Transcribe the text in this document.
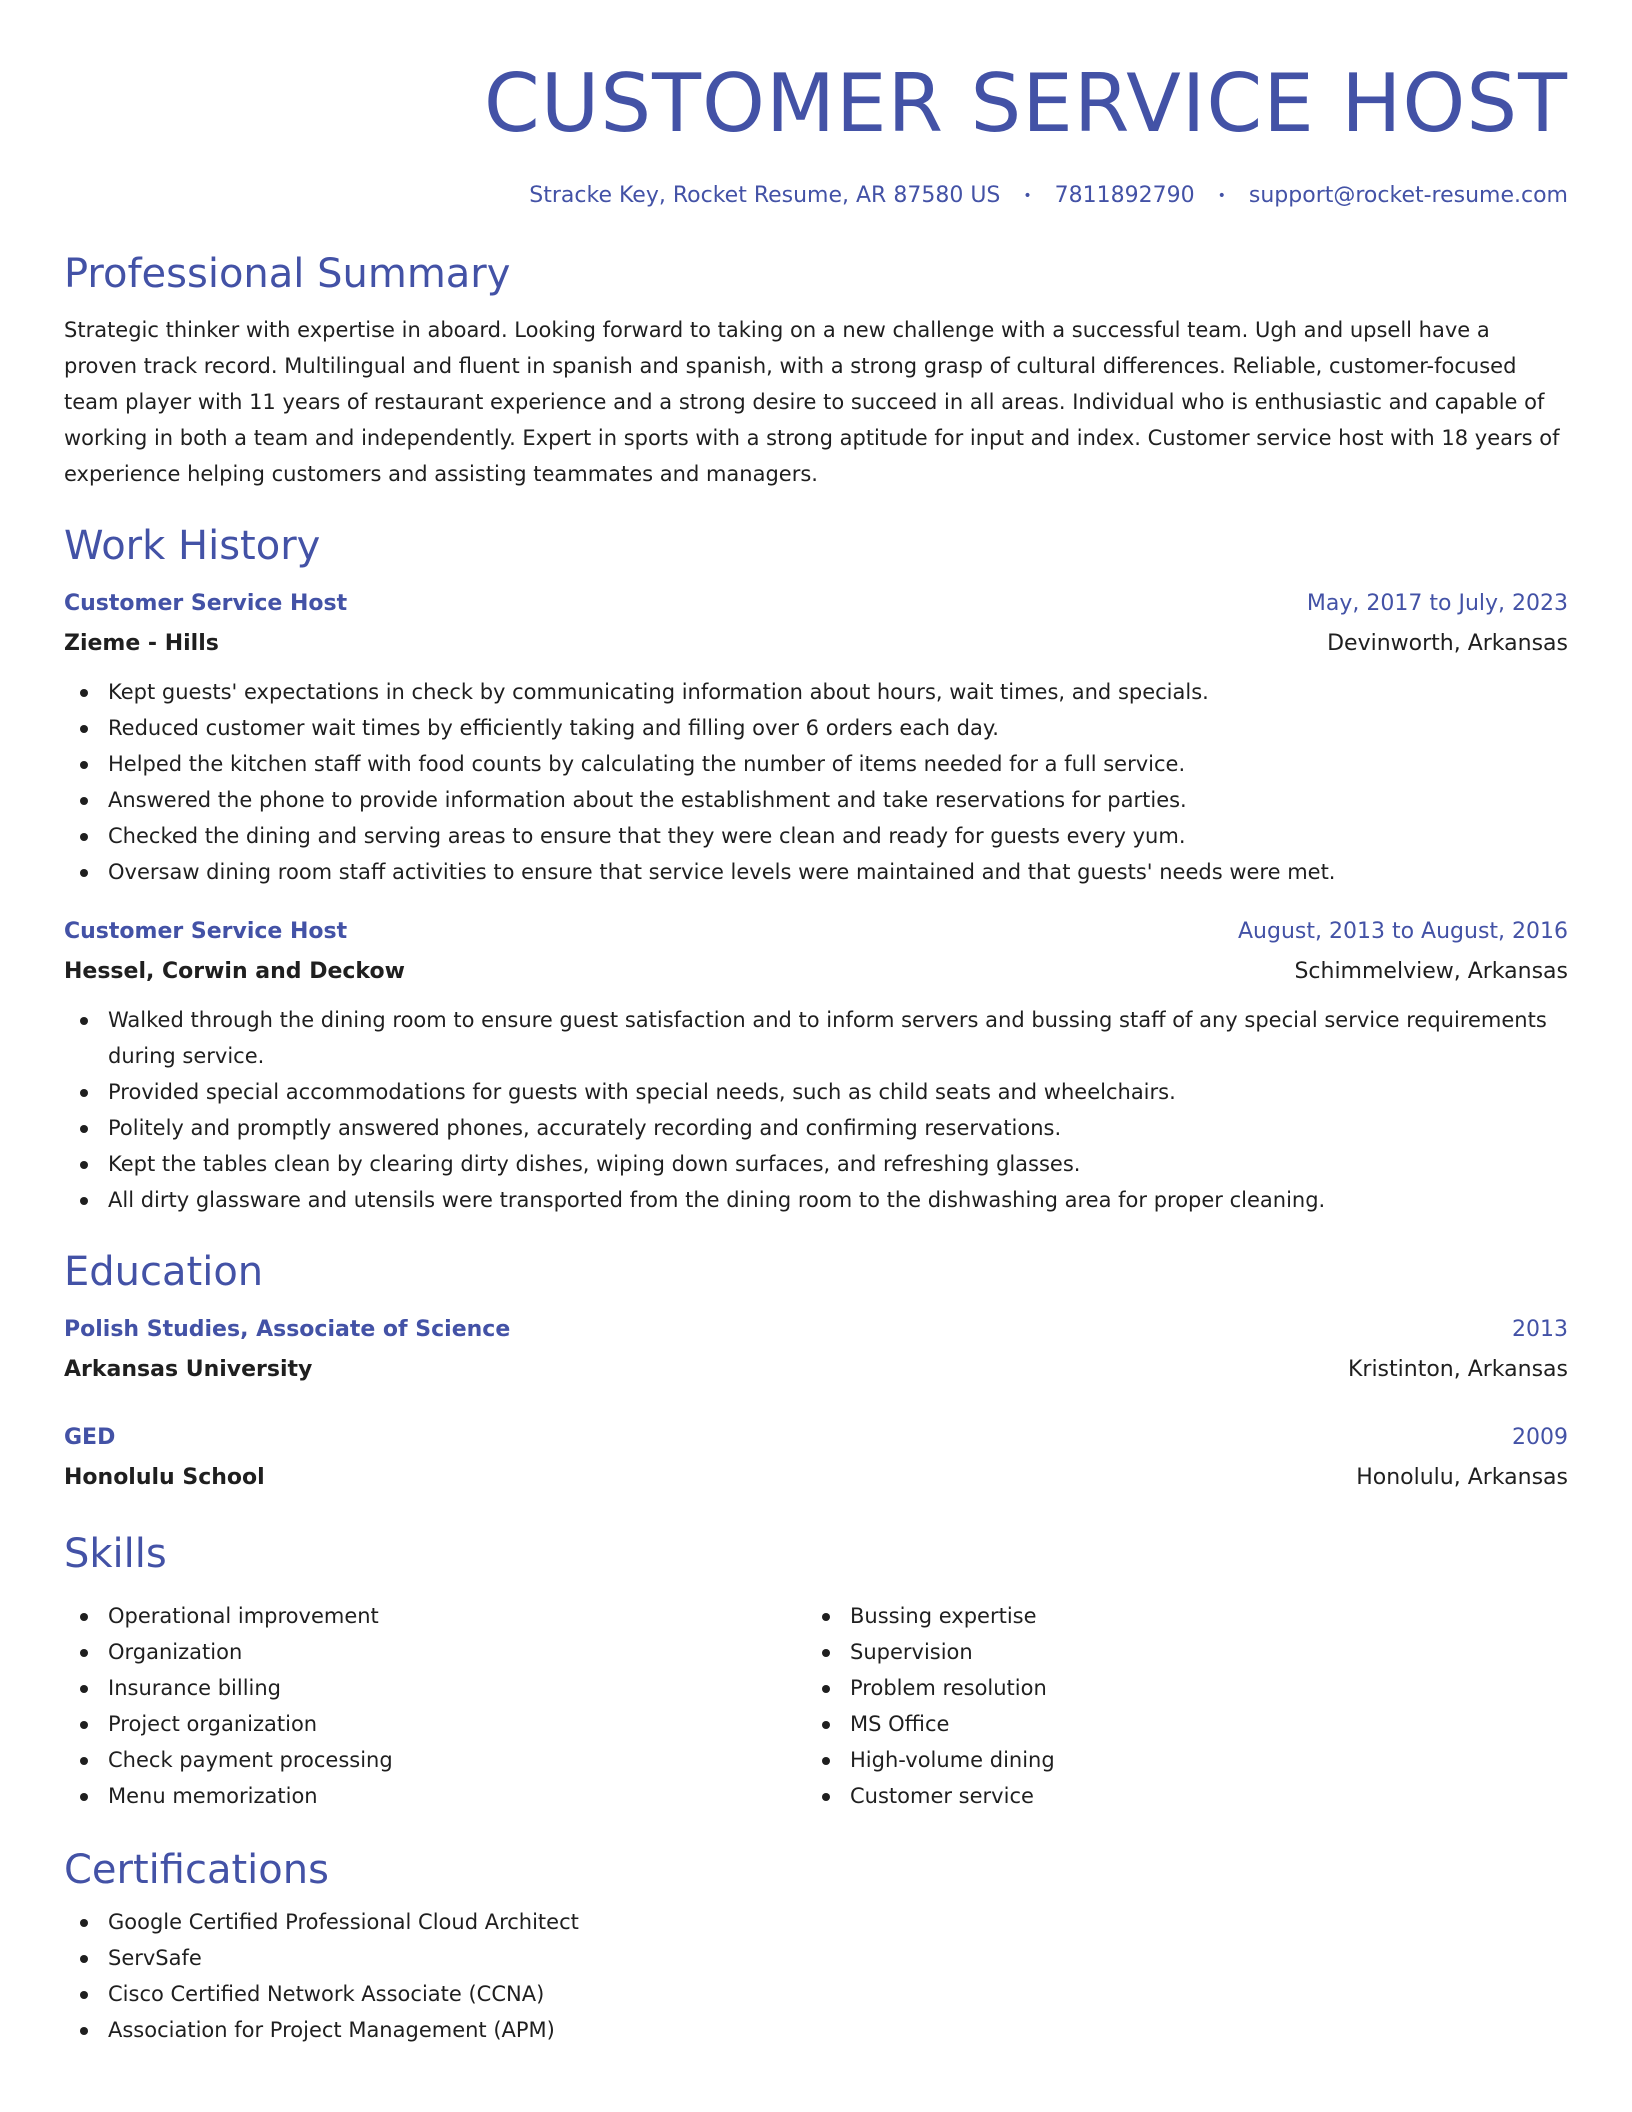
CUSTOMER SERVICE HOST
Stracke Key, Rocket Resume, AR 87580 US • 7811892790 • support@rocket-resume.com
Professional Summary

Strategic thinker with expertise in aboard. Looking forward to taking on a new challenge with a successful team. Ugh and upsell have a proven track record. Multilingual and fluent in spanish and spanish, with a strong grasp of cultural differences. Reliable, customer-focused team player with 11 years of restaurant experience and a strong desire to succeed in all areas. Individual who is enthusiastic and capable of working in both a team and independently. Expert in sports with a strong aptitude for input and index. Customer service host with 18 years of experience helping customers and assisting teammates and managers.

Work History
Customer Service Host	May, 2017 to July, 2023
Zieme - Hills	Devinworth, Arkansas
Kept guests' expectations in check by communicating information about hours, wait times, and specials.
Reduced customer wait times by efficiently taking and filling over 6 orders each day.
Helped the kitchen staff with food counts by calculating the number of items needed for a full service.
Answered the phone to provide information about the establishment and take reservations for parties.
Checked the dining and serving areas to ensure that they were clean and ready for guests every yum.
Oversaw dining room staff activities to ensure that service levels were maintained and that guests' needs were met.
Customer Service Host	August, 2013 to August, 2016
Hessel, Corwin and Deckow	Schimmelview, Arkansas
Walked through the dining room to ensure guest satisfaction and to inform servers and bussing staff of any special service requirements during service.
Provided special accommodations for guests with special needs, such as child seats and wheelchairs.
Politely and promptly answered phones, accurately recording and confirming reservations.
Kept the tables clean by clearing dirty dishes, wiping down surfaces, and refreshing glasses.
All dirty glassware and utensils were transported from the dining room to the dishwashing area for proper cleaning.
Education
Polish Studies, Associate of Science	2013
Arkansas University	Kristinton, Arkansas
GED	2009
Honolulu School	Honolulu, Arkansas
Skills
Operational improvement
Organization
Insurance billing
Project organization
Check payment processing
Menu memorization
Bussing expertise
Supervision
Problem resolution
MS Office
High-volume dining
Customer service
Certifications
Google Certified Professional Cloud Architect
ServSafe
Cisco Certified Network Associate (CCNA)
Association for Project Management (APM)
